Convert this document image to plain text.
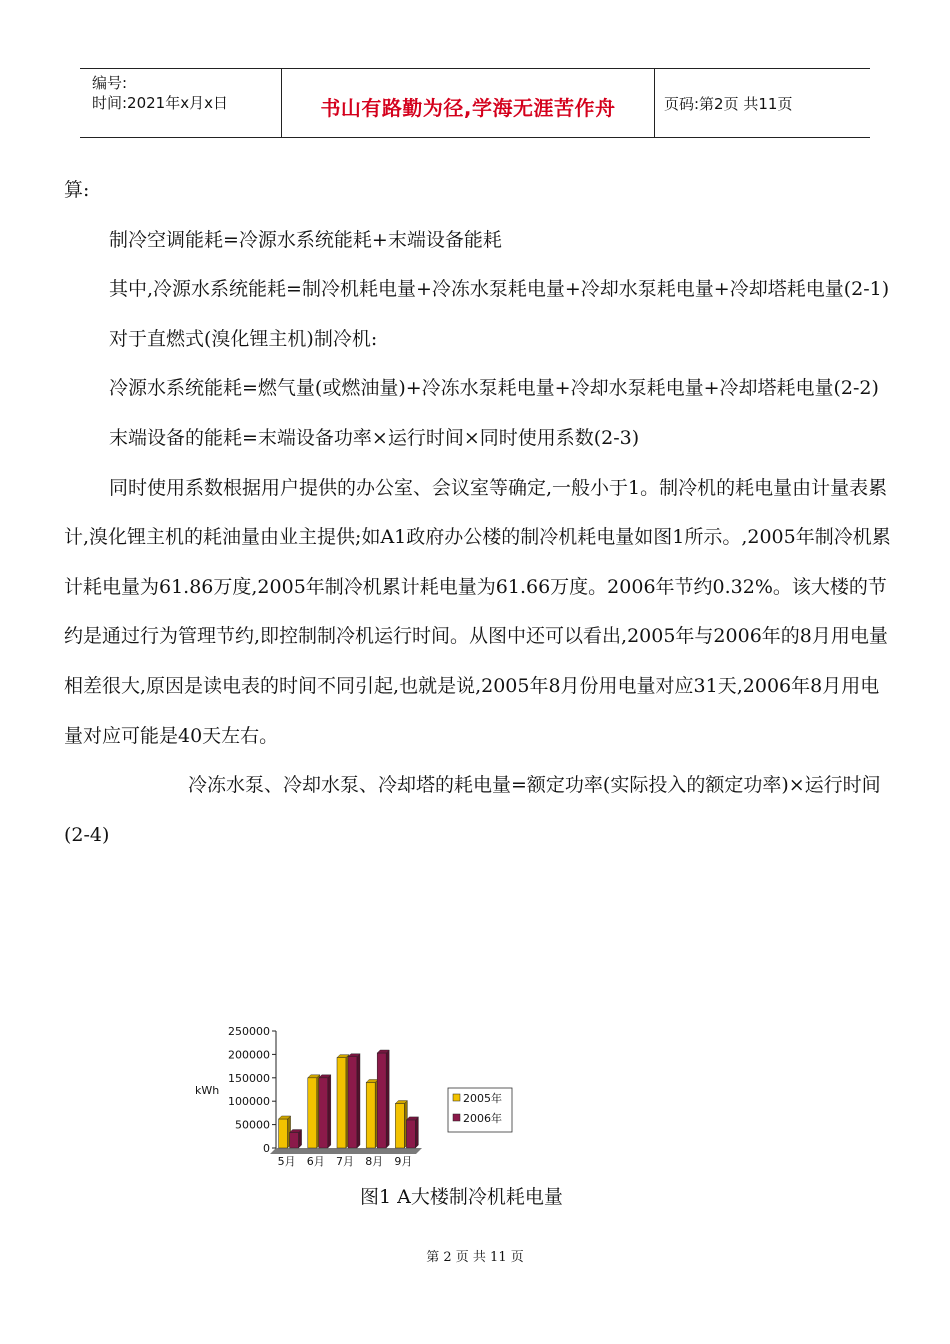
编号:
时间:2021年x月x日	书山有路勤为径,学海无涯苦作舟	页码:第2页 共11页

算:

制冷空调能耗=冷源水系统能耗+末端设备能耗

其中,冷源水系统能耗=制冷机耗电量+冷冻水泵耗电量+冷却水泵耗电量+冷却塔耗电量(2-1)

对于直燃式(溴化锂主机)制冷机:

冷源水系统能耗=燃气量(或燃油量)+冷冻水泵耗电量+冷却水泵耗电量+冷却塔耗电量(2-2)

末端设备的能耗=末端设备功率×运行时间×同时使用系数(2-3)

同时使用系数根据用户提供的办公室、会议室等确定,一般小于1。制冷机的耗电量由计量表累计,溴化锂主机的耗油量由业主提供;如A1政府办公楼的制冷机耗电量如图1所示。,2005年制冷机累计耗电量为61.86万度,2005年制冷机累计耗电量为61.66万度。2006年节约0.32%。该大楼的节约是通过行为管理节约,即控制制冷机运行时间。从图中还可以看出,2005年与2006年的8月用电量相差很大,原因是读电表的时间不同引起,也就是说,2005年8月份用电量对应31天,2006年8月用电量对应可能是40天左右。

冷冻水泵、冷却水泵、冷却塔的耗电量=额定功率(实际投入的额定功率)×运行时间(2-4)

0
50000
100000
150000
200000
250000
kWh
5月 6月 7月 8月 9月
2005年
2006年
图1 A大楼制冷机耗电量
第 2 页 共 11 页
